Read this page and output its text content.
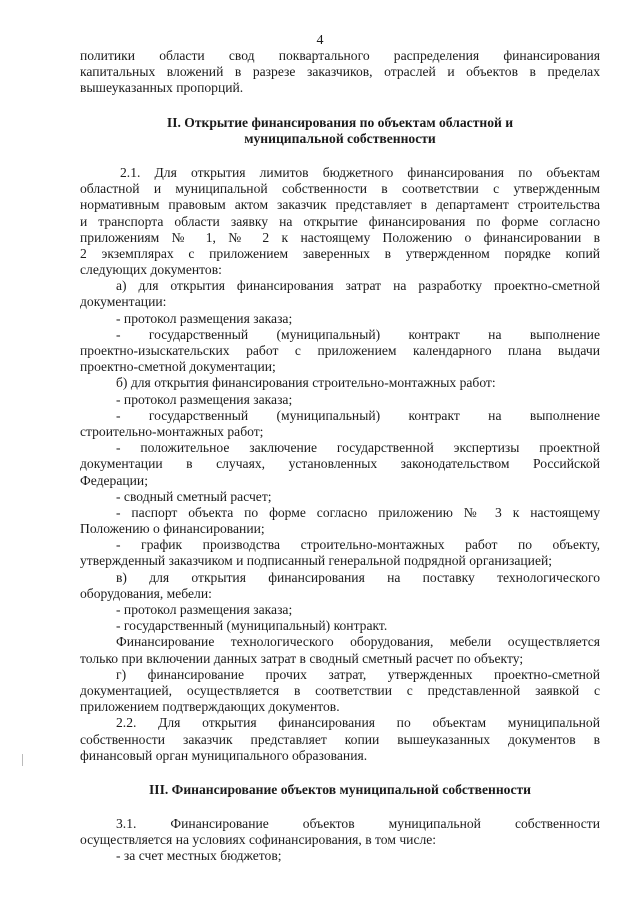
4
политики области свод поквартального распределения финансирования
капитальных вложений в разрезе заказчиков, отраслей и объектов в пределах
вышеуказанных пропорций.
II. Открытие финансирования по объектам областной и
муниципальной собственности
2.1. Для открытия лимитов бюджетного финансирования по объектам
областной и муниципальной собственности в соответствии с утвержденным
нормативным правовым актом заказчик представляет в департамент строительства
и транспорта области заявку на открытие финансирования по форме согласно
приложениям № 1, № 2 к настоящему Положению о финансировании в
2 экземплярах с приложением заверенных в утвержденном порядке копий
следующих документов:
а) для открытия финансирования затрат на разработку проектно-сметной
документации:
- протокол размещения заказа;
- государственный (муниципальный) контракт на выполнение
проектно-изыскательских работ с приложением календарного плана выдачи
проектно-сметной документации;
б) для открытия финансирования строительно-монтажных работ:
- протокол размещения заказа;
- государственный (муниципальный) контракт на выполнение
строительно-монтажных работ;
- положительное заключение государственной экспертизы проектной
документации в случаях, установленных законодательством Российской
Федерации;
- сводный сметный расчет;
- паспорт объекта по форме согласно приложению № 3 к настоящему
Положению о финансировании;
- график производства строительно-монтажных работ по объекту,
утвержденный заказчиком и подписанный генеральной подрядной организацией;
в) для открытия финансирования на поставку технологического
оборудования, мебели:
- протокол размещения заказа;
- государственный (муниципальный) контракт.
Финансирование технологического оборудования, мебели осуществляется
только при включении данных затрат в сводный сметный расчет по объекту;
г) финансирование прочих затрат, утвержденных проектно-сметной
документацией, осуществляется в соответствии с представленной заявкой с
приложением подтверждающих документов.
2.2. Для открытия финансирования по объектам муниципальной
собственности заказчик представляет копии вышеуказанных документов в
финансовый орган муниципального образования.
III. Финансирование объектов муниципальной собственности
3.1. Финансирование объектов муниципальной собственности
осуществляется на условиях софинансирования, в том числе:
- за счет местных бюджетов;
